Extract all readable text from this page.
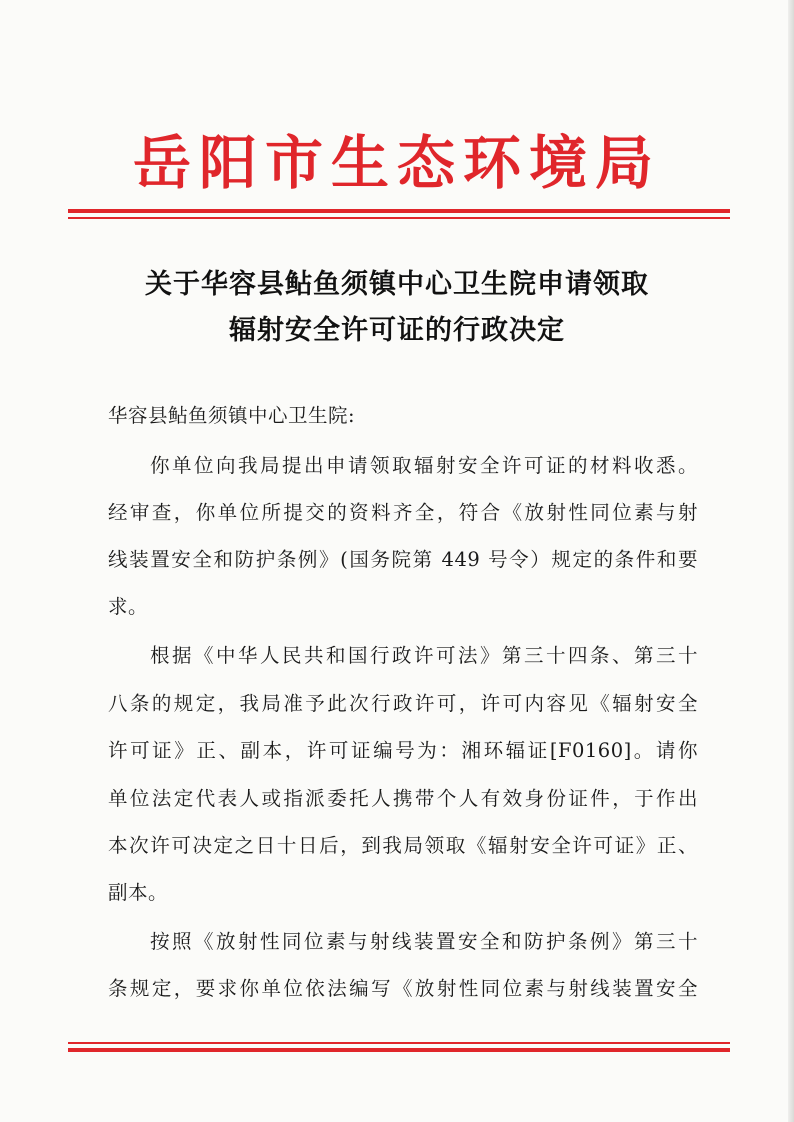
岳阳市生态环境局
关于华容县鲇鱼须镇中心卫生院申请领取
辐射安全许可证的行政决定
华容县鲇鱼须镇中心卫生院:
你单位向我局提出申请领取辐射安全许可证的材料收悉。
经审查，你单位所提交的资料齐全，符合《放射性同位素与射
线装置安全和防护条例》(国务院第 449 号令）规定的条件和要
求。
根据《中华人民共和国行政许可法》第三十四条、第三十
八条的规定，我局准予此次行政许可，许可内容见《辐射安全
许可证》正、副本，许可证编号为：湘环辐证[F0160]。请你
单位法定代表人或指派委托人携带个人有效身份证件，于作出
本次许可决定之日十日后，到我局领取《辐射安全许可证》正、
副本。
按照《放射性同位素与射线装置安全和防护条例》第三十
条规定，要求你单位依法编写《放射性同位素与射线装置安全
